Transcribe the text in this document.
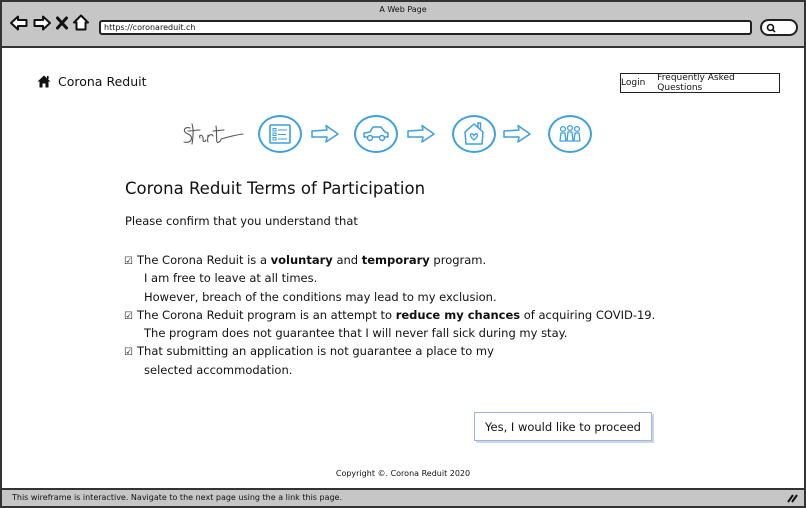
A Web Page
https://coronareduit.ch
Corona Reduit	Login Frequently Asked Questions
Corona Reduit Terms of Participation

Please confirm that you understand that

☑ The Corona Reduit is a voluntary and temporary program.
I am free to leave at all times.
However, breach of the conditions may lead to my exclusion.
☑ The Corona Reduit program is an attempt to reduce my chances of acquiring COVID-19.
The program does not guarantee that I will never fall sick during my stay.
☑ That submitting an application is not guarantee a place to my
selected accommodation.
Yes, I would like to proceed
Copyright ©. Corona Reduit 2020
This wireframe is interactive. Navigate to the next page using the a link this page.
